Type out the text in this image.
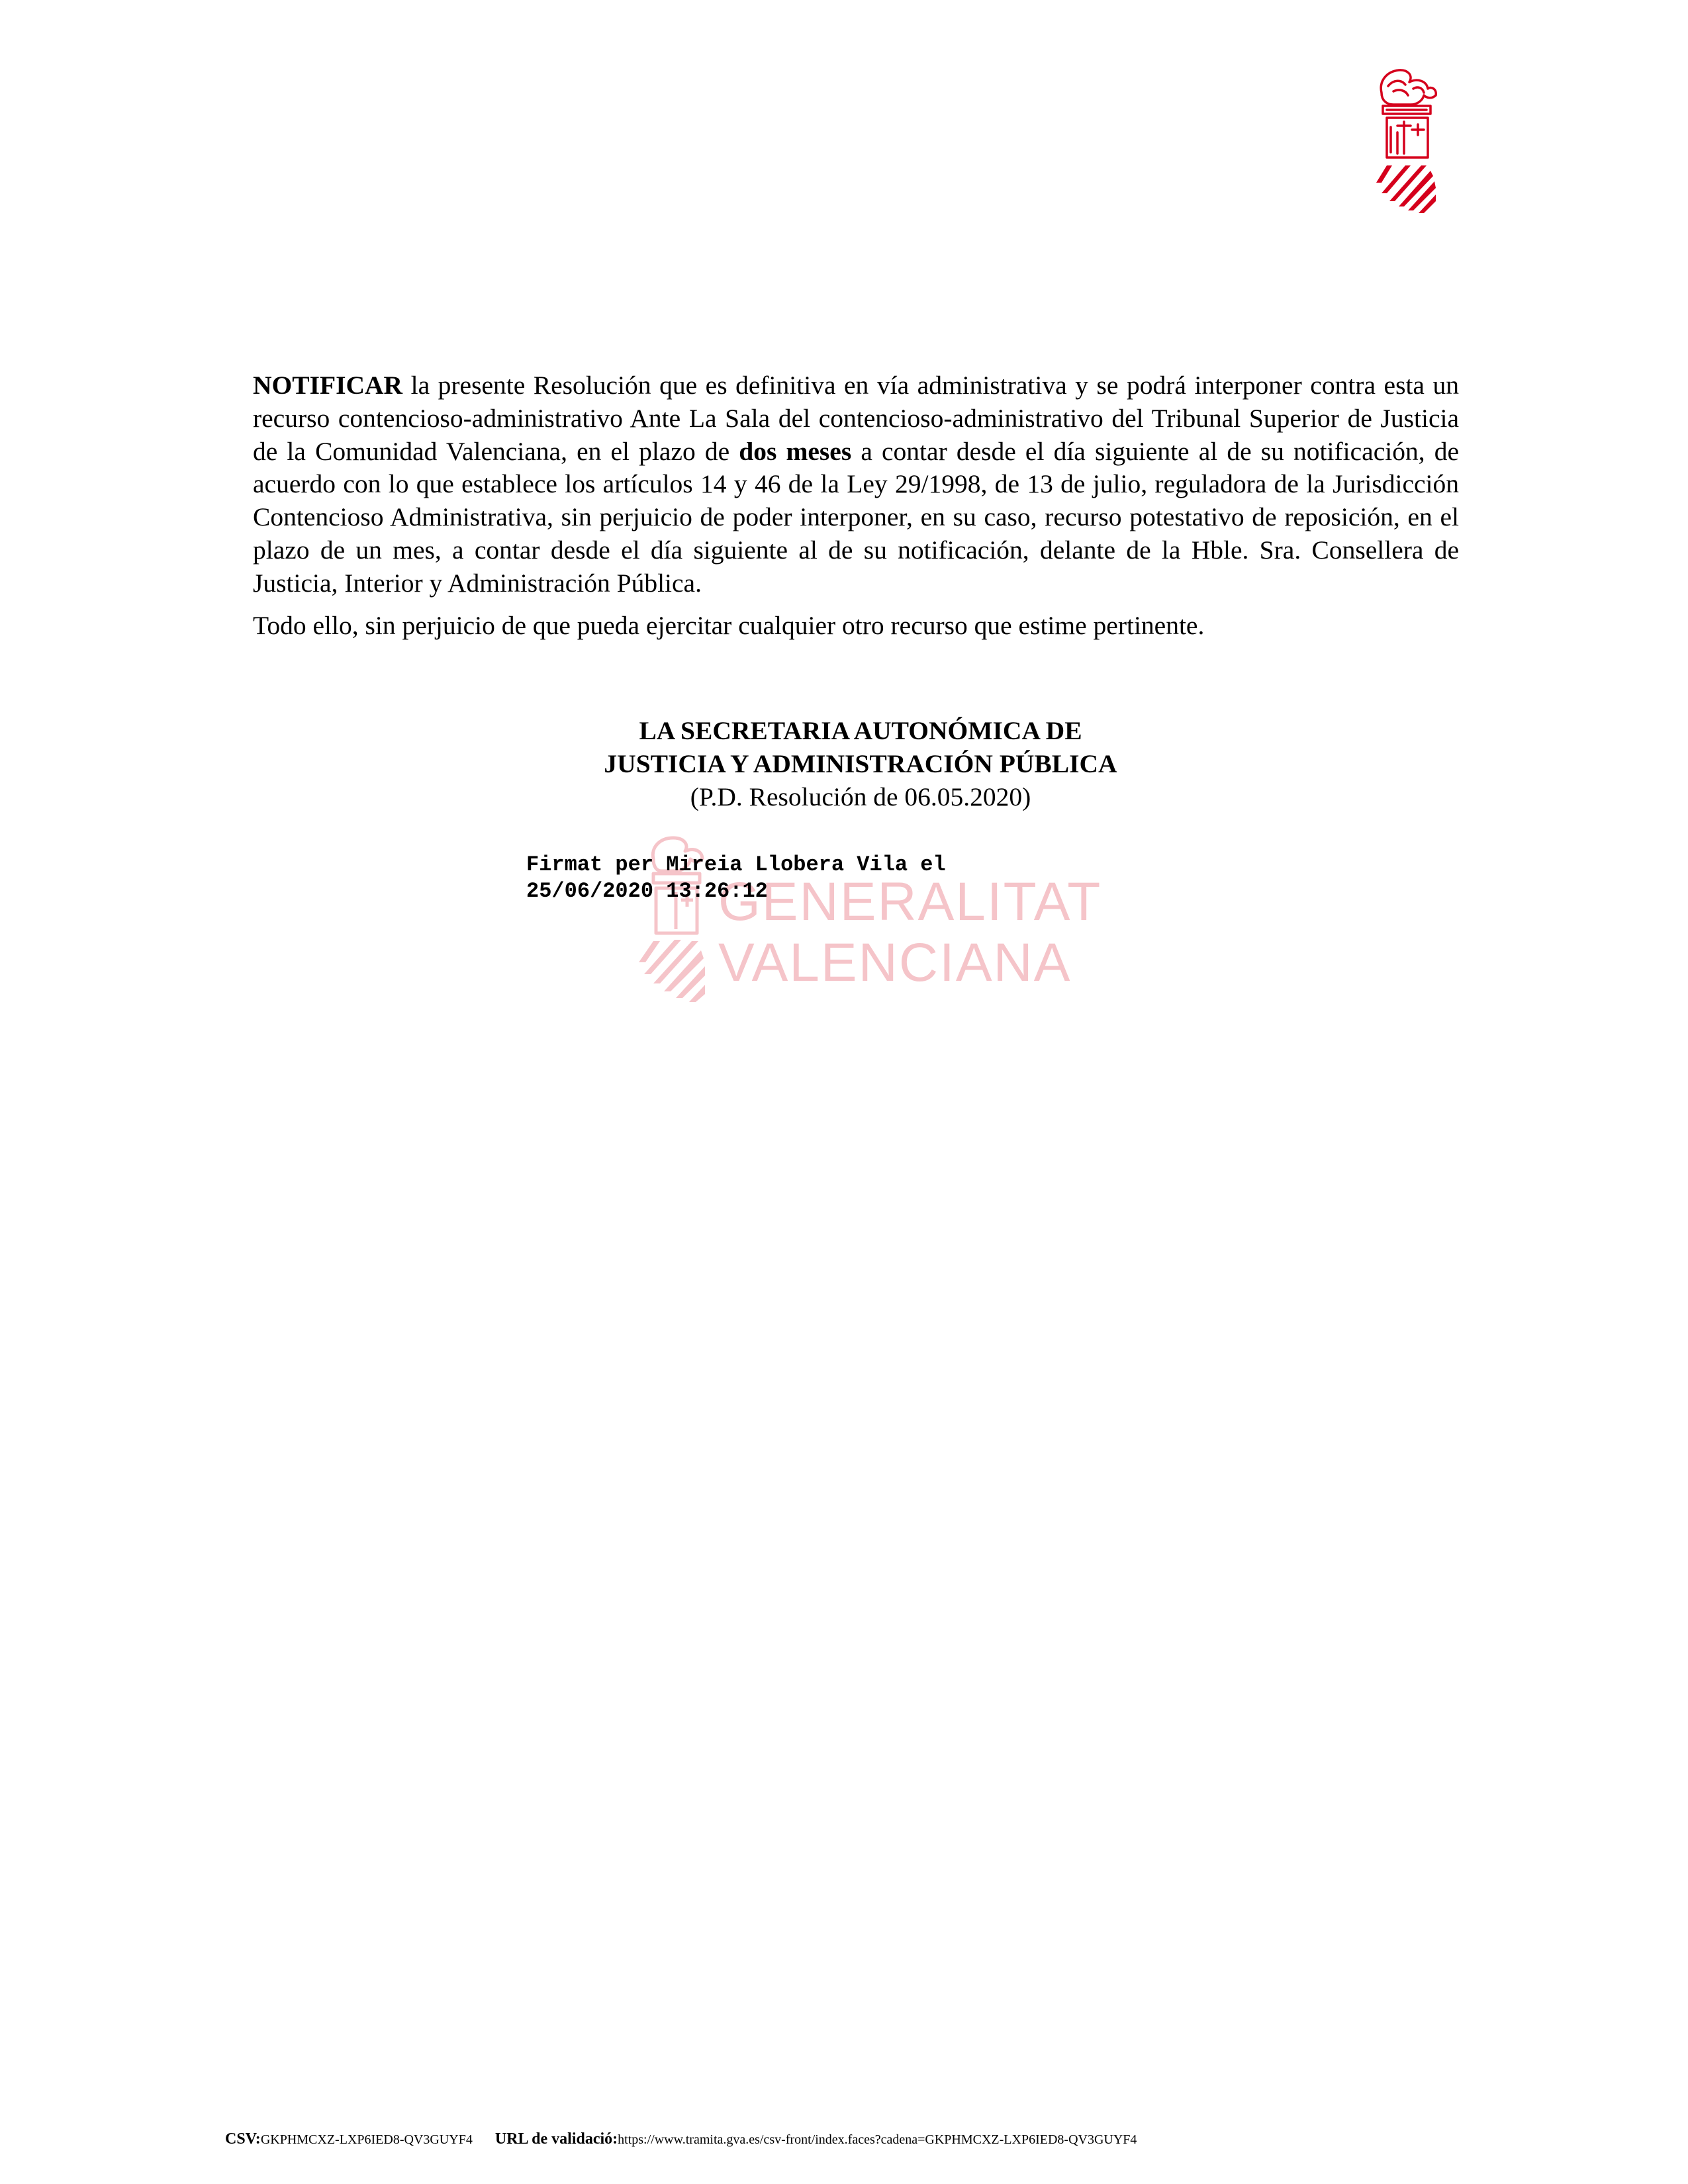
NOTIFICAR la presente Resolución que es definitiva en vía administrativa y se podrá interponer contra esta un recurso contencioso-administrativo Ante La Sala del contencioso-administrativo del Tribunal Superior de Justicia de la Comunidad Valenciana, en el plazo de dos meses a contar desde el día siguiente al de su notificación, de acuerdo con lo que establece los artículos 14 y 46 de la Ley 29/1998, de 13 de julio, reguladora de la Jurisdicción Contencioso Administrativa, sin perjuicio de poder interponer, en su caso, recurso potestativo de reposición, en el plazo de un mes, a contar desde el día siguiente al de su notificación, delante de la Hble. Sra. Consellera de Justicia, Interior y Administración Pública.

Todo ello, sin perjuicio de que pueda ejercitar cualquier otro recurso que estime pertinente.

LA SECRETARIA AUTONÓMICA DE
JUSTICIA Y ADMINISTRACIÓN PÚBLICA
(P.D. Resolución de 06.05.2020)
GENERALITAT
VALENCIANA
Firmat per Mireia Llobera Vila el
25/06/2020 13:26:12
CSV:GKPHMCXZ-LXP6IED8-QV3GUYF4 URL de validació:https://www.tramita.gva.es/csv-front/index.faces?cadena=GKPHMCXZ-LXP6IED8-QV3GUYF4
